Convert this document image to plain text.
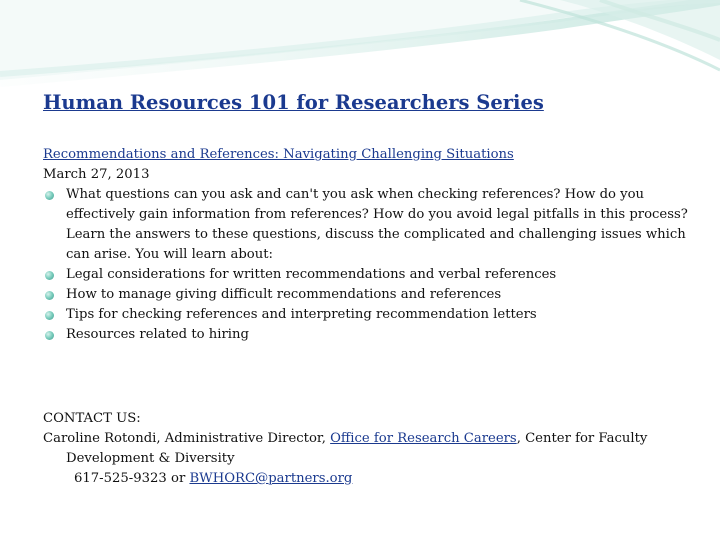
Human Resources 101 for Researchers Series
Recommendations and References: Navigating Challenging Situations
March 27, 2013
What questions can you ask and can't you ask when checking references? How do you effectively gain information from references? How do you avoid legal pitfalls in this process? Learn the answers to these questions, discuss the complicated and challenging issues which can arise. You will learn about:
Legal considerations for written recommendations and verbal references
How to manage giving difficult recommendations and references
Tips for checking references and interpreting recommendation letters
Resources related to hiring
CONTACT US:
Caroline Rotondi, Administrative Director, Office for Research Careers, Center for Faculty
Development & Diversity
617-525-9323 or BWHORC@partners.org
